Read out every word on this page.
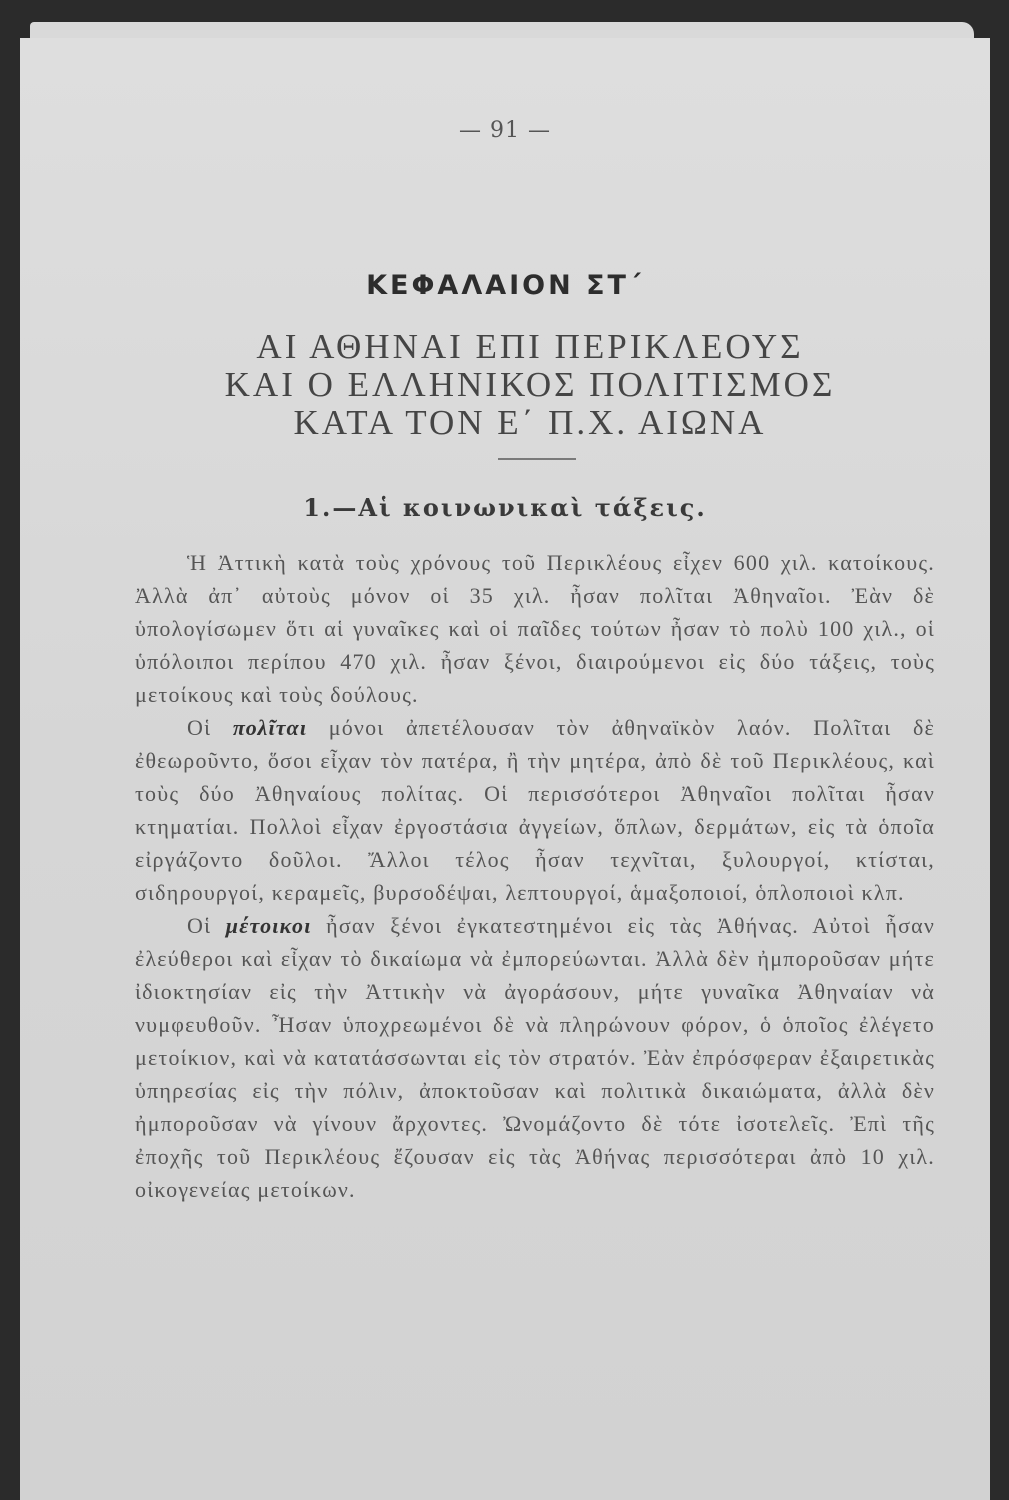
— 91 —
ΚΕΦΑΛΑΙΟΝ ΣΤ΄
ΑΙ ΑΘΗΝΑΙ ΕΠΙ ΠΕΡΙΚΛΕΟΥΣ
ΚΑΙ Ο ΕΛΛΗΝΙΚΟΣ ΠΟΛΙΤΙΣΜΟΣ
ΚΑΤΑ ΤΟΝ Ε΄ Π.Χ. ΑΙΩΝΑ
1.—Αἱ κοινωνικαὶ τάξεις.

Ἡ Ἀττικὴ κατὰ τοὺς χρόνους τοῦ Περικλέους εἶχεν 600 χιλ. κατοίκους. Ἀλλὰ ἀπ᾿ αὐτοὺς μόνον οἱ 35 χιλ. ἦσαν πολῖται Ἀθηναῖοι. Ἐὰν δὲ ὑπολογίσωμεν ὅτι αἱ γυναῖκες καὶ οἱ παῖδες τούτων ἦσαν τὸ πολὺ 100 χιλ., οἱ ὑπόλοιποι περίπου 470 χιλ. ἦσαν ξένοι, διαιρούμενοι εἰς δύο τάξεις, τοὺς μετοίκους καὶ τοὺς δούλους.

Οἱ πολῖται μόνοι ἀπετέλουσαν τὸν ἀθηναϊκὸν λαόν. Πολῖται δὲ ἐθεωροῦντο, ὅσοι εἶχαν τὸν πατέρα, ἢ τὴν μητέρα, ἀπὸ δὲ τοῦ Περικλέους, καὶ τοὺς δύο Ἀθηναίους πολίτας. Οἱ περισσότεροι Ἀθηναῖοι πολῖται ἦσαν κτηματίαι. Πολλοὶ εἶχαν ἐργοστάσια ἀγγείων, ὅπλων, δερμάτων, εἰς τὰ ὁποῖα εἰργάζοντο δοῦλοι. Ἄλλοι τέλος ἦσαν τεχνῖται, ξυλουργοί, κτίσται, σιδηρουργοί, κεραμεῖς, βυρσοδέψαι, λεπτουργοί, ἁμαξοποιοί, ὁπλοποιοὶ κλπ.

Οἱ μέτοικοι ἦσαν ξένοι ἐγκατεστημένοι εἰς τὰς Ἀθήνας. Αὐτοὶ ἦσαν ἐλεύθεροι καὶ εἶχαν τὸ δικαίωμα νὰ ἐμπορεύωνται. Ἀλλὰ δὲν ἠμποροῦσαν μήτε ἰδιοκτησίαν εἰς τὴν Ἀττικὴν νὰ ἀγοράσουν, μήτε γυναῖκα Ἀθηναίαν νὰ νυμφευθοῦν. Ἦσαν ὑποχρεωμένοι δὲ νὰ πληρώνουν φόρον, ὁ ὁποῖος ἐλέγετο μετοίκιον, καὶ νὰ κατατάσσωνται εἰς τὸν στρατόν. Ἐὰν ἐπρόσφεραν ἐξαιρετικὰς ὑπηρεσίας εἰς τὴν πόλιν, ἀποκτοῦσαν καὶ πολιτικὰ δικαιώματα, ἀλλὰ δὲν ἠμποροῦσαν νὰ γίνουν ἄρχοντες. Ὠνομάζοντο δὲ τότε ἰσοτελεῖς. Ἐπὶ τῆς ἐποχῆς τοῦ Περικλέους ἔζουσαν εἰς τὰς Ἀθήνας περισσότεραι ἀπὸ 10 χιλ. οἰκογενείας μετοίκων.
